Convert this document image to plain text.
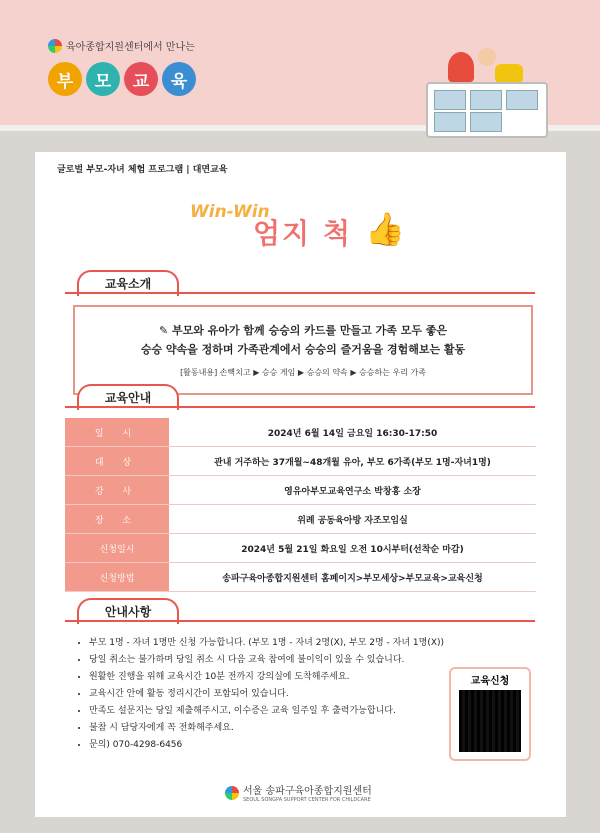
육아종합지원센터에서 만나는
부	모	교	육
글로벌 부모-자녀 체험 프로그램 | 대면교육
Win-Win
엄지 척 👍
교육소개
✎ 부모와 유아가 함께 승승의 카드를 만들고 가족 모두 좋은
승승 약속을 정하며 가족관계에서 승승의 즐거움을 경험해보는 활동
[활동내용] 손뼉치고 ▶ 승승 게임 ▶ 승승의 약속 ▶ 승승하는 우리 가족
교육안내
일 시	2024년 6월 14일 금요일 16:30-17:50
대 상	관내 거주하는 37개월~48개월 유아, 부모 6가족(부모 1명-자녀1명)
강 사	영유아부모교육연구소 박창홍 소장
장 소	위례 공동육아방 자조모임실
신청일시	2024년 5월 21일 화요일 오전 10시부터(선착순 마감)
신청방법	송파구육아종합지원센터 홈페이지>부모세상>부모교육>교육신청
안내사항
• 부모 1명 - 자녀 1명만 신청 가능합니다. (부모 1명 - 자녀 2명(X), 부모 2명 - 자녀 1명(X))
• 당일 취소는 불가하며 당일 취소 시 다음 교육 참여에 불이익이 있을 수 있습니다.
• 원활한 진행을 위해 교육시간 10분 전까지 강의실에 도착해주세요.
• 교육시간 안에 활동 정리시간이 포함되어 있습니다.
• 만족도 설문지는 당일 제출해주시고, 이수증은 교육 일주일 후 출력가능합니다.
• 불참 시 담당자에게 꼭 전화해주세요.
• 문의) 070-4298-6456
교육신청
서울 송파구육아종합지원센터
SEOUL SONGPA SUPPORT CENTER FOR CHILDCARE
